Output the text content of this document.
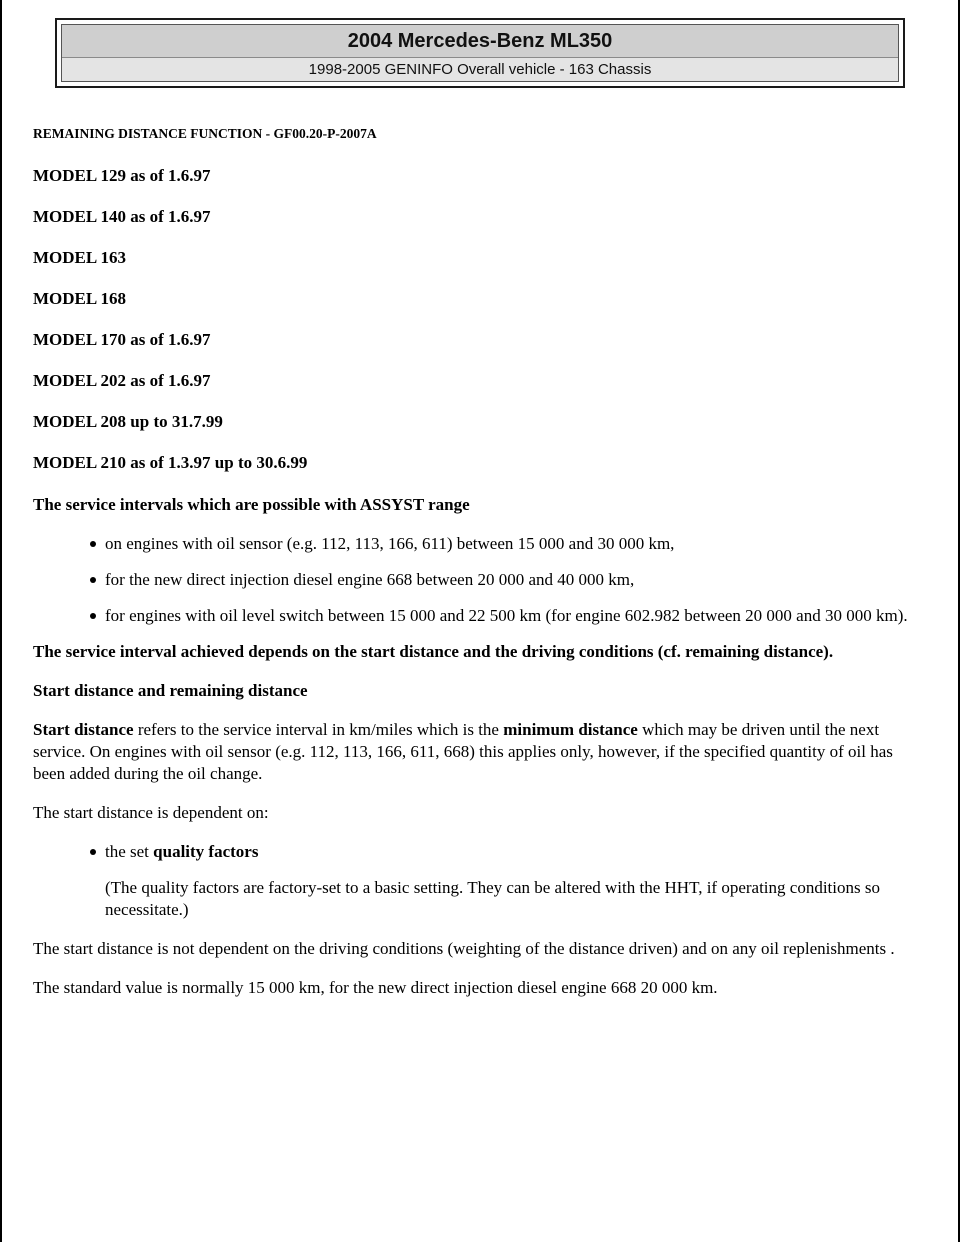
2004 Mercedes-Benz ML350
1998-2005 GENINFO Overall vehicle - 163 Chassis

REMAINING DISTANCE FUNCTION - GF00.20-P-2007A

MODEL 129 as of 1.6.97

MODEL 140 as of 1.6.97

MODEL 163

MODEL 168

MODEL 170 as of 1.6.97

MODEL 202 as of 1.6.97

MODEL 208 up to 31.7.99

MODEL 210 as of 1.3.97 up to 30.6.99

The service intervals which are possible with ASSYST range

on engines with oil sensor (e.g. 112, 113, 166, 611) between 15 000 and 30 000 km,
for the new direct injection diesel engine 668 between 20 000 and 40 000 km,
for engines with oil level switch between 15 000 and 22 500 km (for engine 602.982 between 20 000 and 30 000 km).

The service interval achieved depends on the start distance and the driving conditions (cf. remaining distance).

Start distance and remaining distance

Start distance refers to the service interval in km/miles which is the minimum distance which may be driven until the next service. On engines with oil sensor (e.g. 112, 113, 166, 611, 668) this applies only, however, if the specified quantity of oil has been added during the oil change.

The start distance is dependent on:

the set quality factors

(The quality factors are factory-set to a basic setting. They can be altered with the HHT, if operating conditions so necessitate.)

The start distance is not dependent on the driving conditions (weighting of the distance driven) and on any oil replenishments .

The standard value is normally 15 000 km, for the new direct injection diesel engine 668 20 000 km.
